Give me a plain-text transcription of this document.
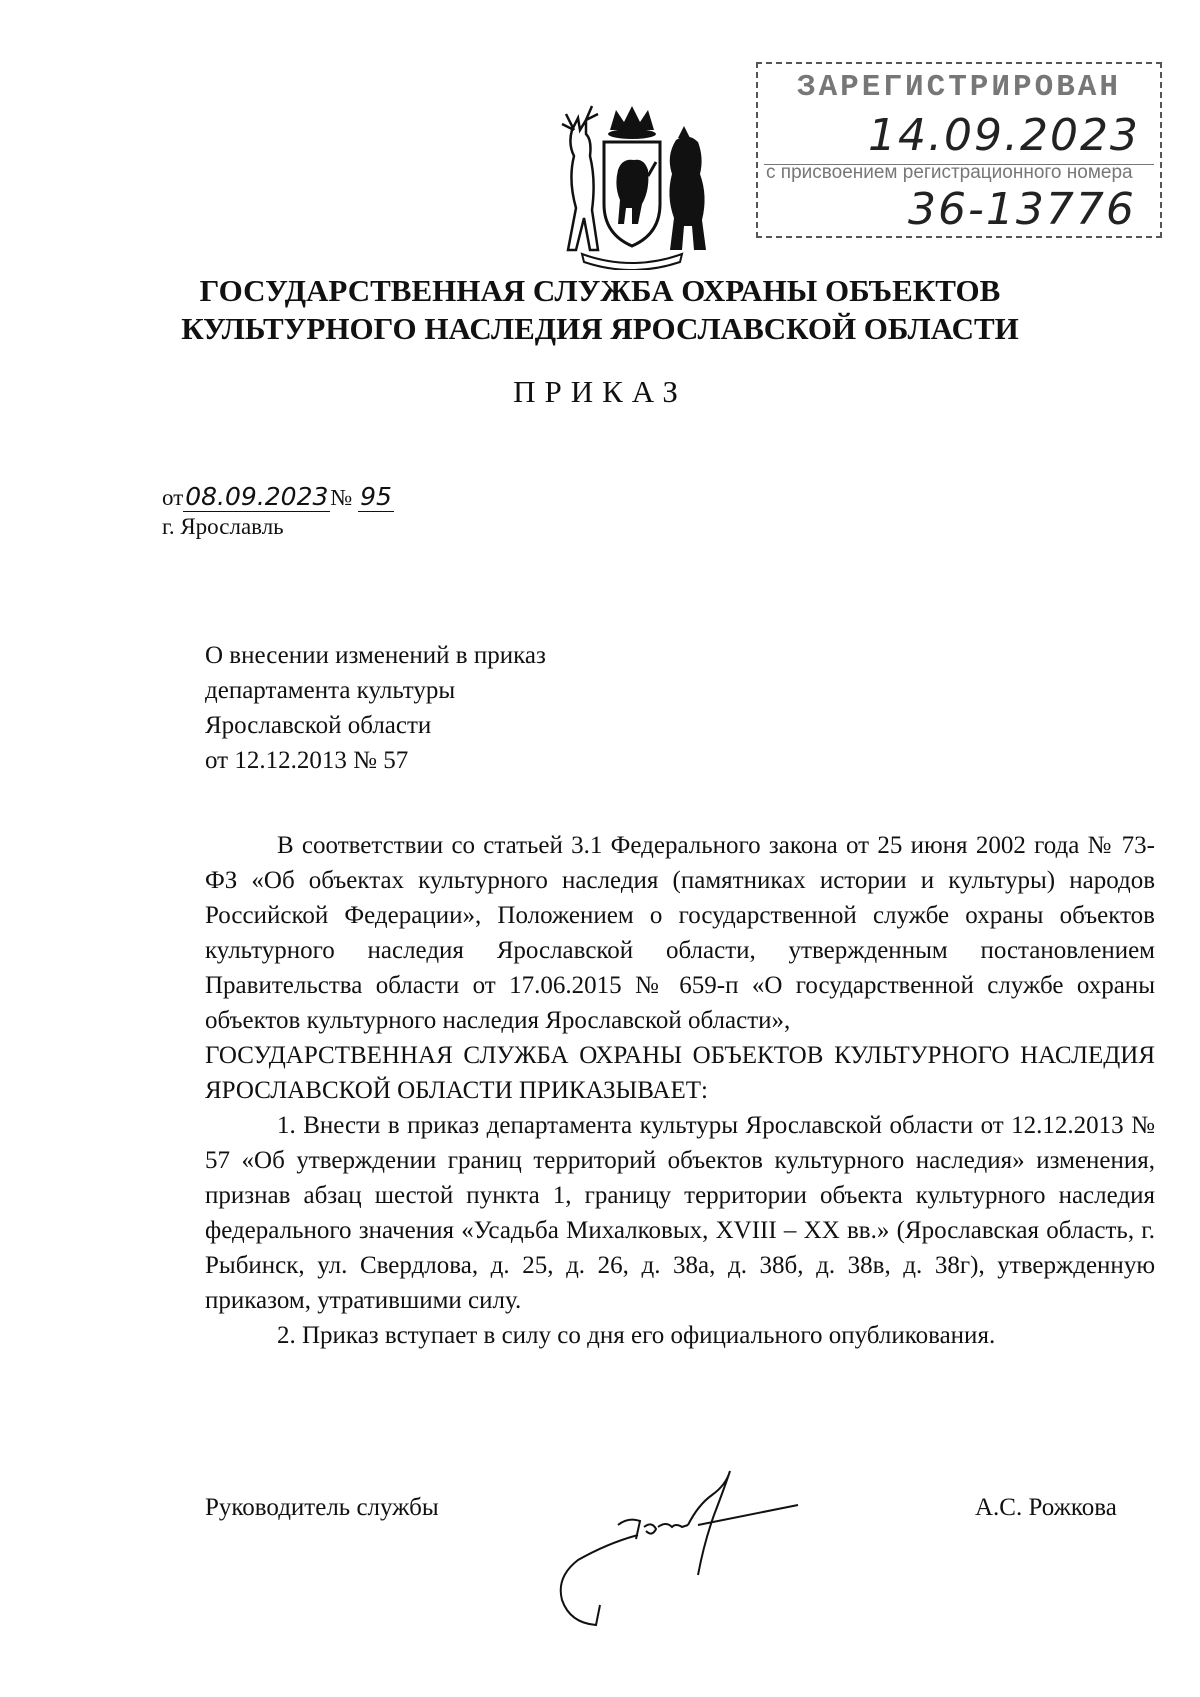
ЗАРЕГИСТРИРОВАН
14.09.2023
с присвоением регистрационного номера
36-13776
ГОСУДАРСТВЕННАЯ СЛУЖБА ОХРАНЫ ОБЪЕКТОВ
КУЛЬТУРНОГО НАСЛЕДИЯ ЯРОСЛАВСКОЙ ОБЛАСТИ
ПРИКАЗ
от08.09.2023№ 95
г. Ярославль
О внесении изменений в приказ
департамента культуры
Ярославской области
от 12.12.2013 № 57

В соответствии со статьей 3.1 Федерального закона от 25 июня 2002 года № 73-ФЗ «Об объектах культурного наследия (памятниках истории и культуры) народов Российской Федерации», Положением о государственной службе охраны объектов культурного наследия Ярославской области, утвержденным постановлением Правительства области от 17.06.2015 № 659-п «О государственной службе охраны объектов культурного наследия Ярославской области»,

ГОСУДАРСТВЕННАЯ СЛУЖБА ОХРАНЫ ОБЪЕКТОВ КУЛЬТУРНОГО НАСЛЕДИЯ ЯРОСЛАВСКОЙ ОБЛАСТИ ПРИКАЗЫВАЕТ:

1. Внести в приказ департамента культуры Ярославской области от 12.12.2013 № 57 «Об утверждении границ территорий объектов культурного наследия» изменения, признав абзац шестой пункта 1, границу территории объекта культурного наследия федерального значения «Усадьба Михалковых, XVIII – XX вв.» (Ярославская область, г. Рыбинск, ул. Свердлова, д. 25, д. 26, д. 38а, д. 38б, д. 38в, д. 38г), утвержденную приказом, утратившими силу.

2. Приказ вступает в силу со дня его официального опубликования.

Руководитель службы	А.С. Рожкова
